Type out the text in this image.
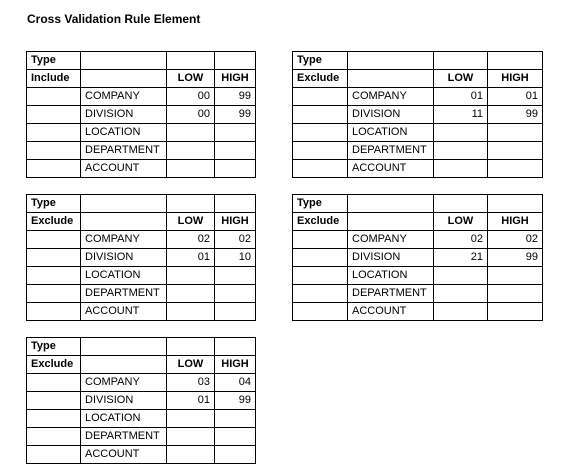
Cross Validation Rule Element
Type			
Include		LOW	HIGH
	COMPANY	00	99
	DIVISION	00	99
	LOCATION		
	DEPARTMENT		
	ACCOUNT		
Type			
Exclude		LOW	HIGH
	COMPANY	01	01
	DIVISION	11	99
	LOCATION		
	DEPARTMENT		
	ACCOUNT		
Type			
Exclude		LOW	HIGH
	COMPANY	02	02
	DIVISION	01	10
	LOCATION		
	DEPARTMENT		
	ACCOUNT		
Type			
Exclude		LOW	HIGH
	COMPANY	02	02
	DIVISION	21	99
	LOCATION		
	DEPARTMENT		
	ACCOUNT		
Type			
Exclude		LOW	HIGH
	COMPANY	03	04
	DIVISION	01	99
	LOCATION		
	DEPARTMENT		
	ACCOUNT		
